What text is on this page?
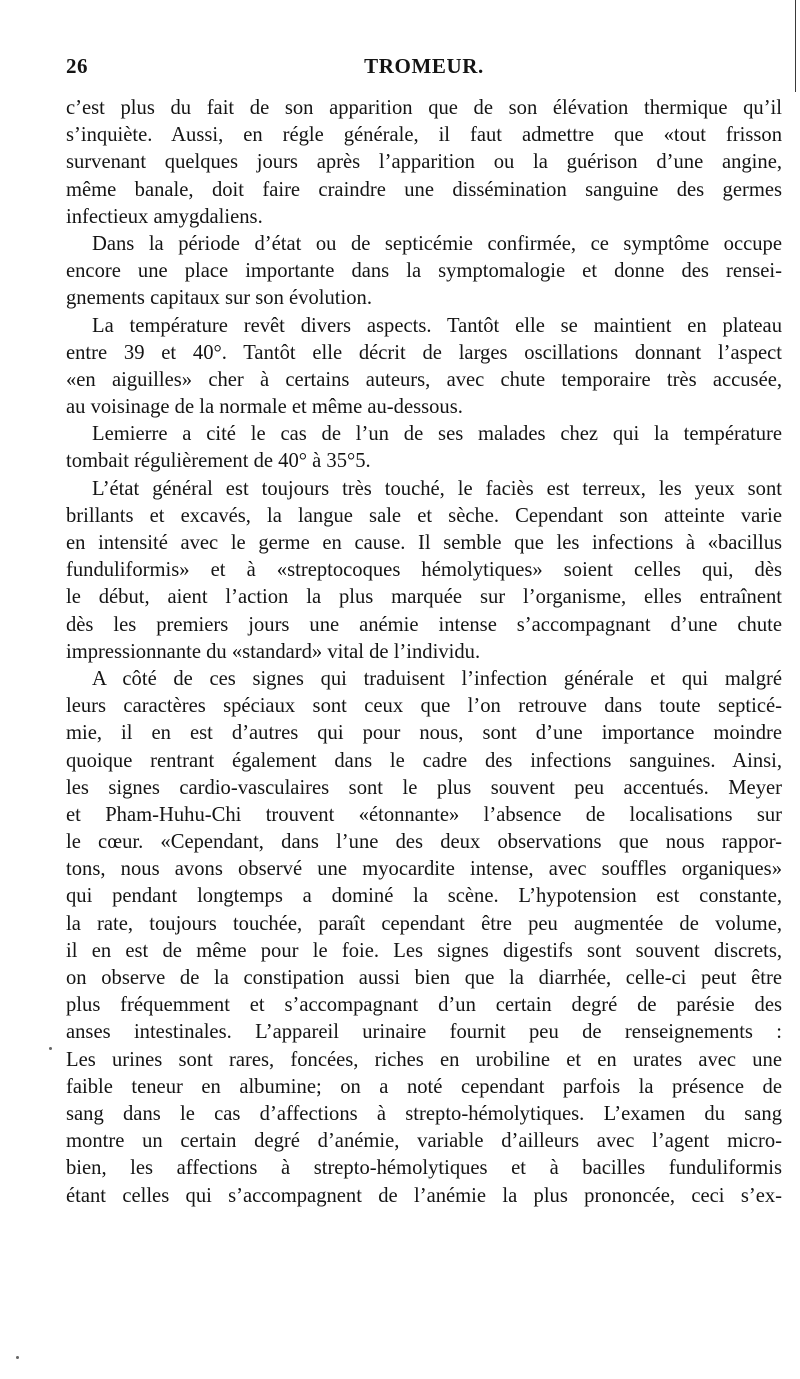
26	TROMEUR.
c’est plus du fait de son apparition que de son élévation thermique qu’il
s’inquiète. Aussi, en régle générale, il faut admettre que «tout frisson
survenant quelques jours après l’apparition ou la guérison d’une angine,
même banale, doit faire craindre une dissémination sanguine des germes
infectieux amygdaliens.
Dans la période d’état ou de septicémie confirmée, ce symptôme occupe
encore une place importante dans la symptomalogie et donne des rensei-
gnements capitaux sur son évolution.
La température revêt divers aspects. Tantôt elle se maintient en plateau
entre 39 et 40°. Tantôt elle décrit de larges oscillations donnant l’aspect
«en aiguilles» cher à certains auteurs, avec chute temporaire très accusée,
au voisinage de la normale et même au-dessous.
Lemierre a cité le cas de l’un de ses malades chez qui la température
tombait régulièrement de 40° à 35°5.
L’état général est toujours très touché, le faciès est terreux, les yeux sont
brillants et excavés, la langue sale et sèche. Cependant son atteinte varie
en intensité avec le germe en cause. Il semble que les infections à «bacillus
funduliformis» et à «streptocoques hémolytiques» soient celles qui, dès
le début, aient l’action la plus marquée sur l’organisme, elles entraînent
dès les premiers jours une anémie intense s’accompagnant d’une chute
impressionnante du «standard» vital de l’individu.
A côté de ces signes qui traduisent l’infection générale et qui malgré
leurs caractères spéciaux sont ceux que l’on retrouve dans toute septicé-
mie, il en est d’autres qui pour nous, sont d’une importance moindre
quoique rentrant également dans le cadre des infections sanguines. Ainsi,
les signes cardio-vasculaires sont le plus souvent peu accentués. Meyer
et Pham-Huhu-Chi trouvent «étonnante» l’absence de localisations sur
le cœur. «Cependant, dans l’une des deux observations que nous rappor-
tons, nous avons observé une myocardite intense, avec souffles organiques»
qui pendant longtemps a dominé la scène. L’hypotension est constante,
la rate, toujours touchée, paraît cependant être peu augmentée de volume,
il en est de même pour le foie. Les signes digestifs sont souvent discrets,
on observe de la constipation aussi bien que la diarrhée, celle-ci peut être
plus fréquemment et s’accompagnant d’un certain degré de parésie des
anses intestinales. L’appareil urinaire fournit peu de renseignements :
Les urines sont rares, foncées, riches en urobiline et en urates avec une
faible teneur en albumine; on a noté cependant parfois la présence de
sang dans le cas d’affections à strepto-hémolytiques. L’examen du sang
montre un certain degré d’anémie, variable d’ailleurs avec l’agent micro-
bien, les affections à strepto-hémolytiques et à bacilles funduliformis
étant celles qui s’accompagnent de l’anémie la plus prononcée, ceci s’ex-
